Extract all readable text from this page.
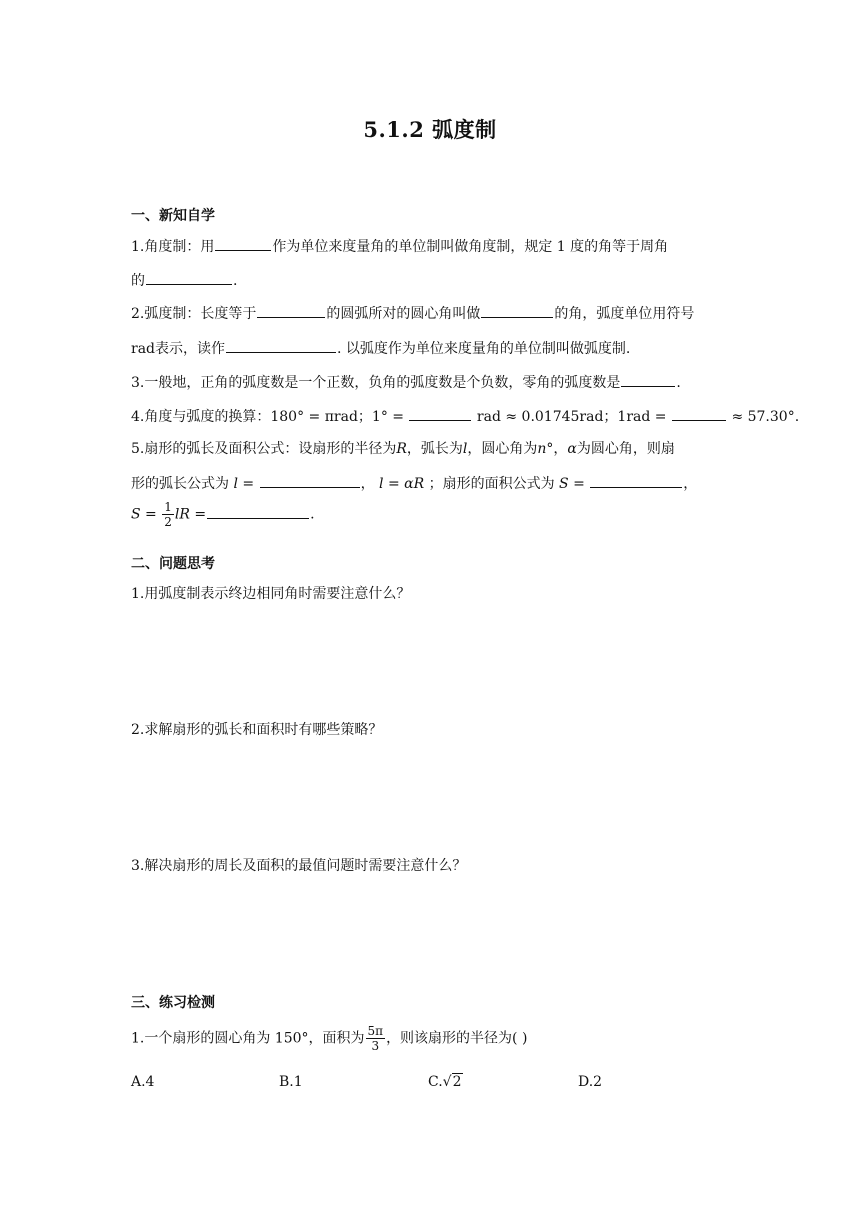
5.1.2 弧度制
一、新知自学
1.角度制：用	作为单位来度量角的单位制叫做角度制，规定 1 度的角等于周角
的	.
2.弧度制：长度等于	的圆弧所对的圆心角叫做	的角，弧度单位用符号
rad表示，读作	. 以弧度作为单位来度量角的单位制叫做弧度制.
3.一般地，正角的弧度数是一个正数，负角的弧度数是个负数，零角的弧度数是	.
4.角度与弧度的换算：180° = πrad；1° =	rad ≈ 0.01745rad；1rad =	≈ 57.30°.
5.扇形的弧长及面积公式：设扇形的半径为R，弧长为l，圆心角为n°，α为圆心角，则扇
形的弧长公式为 l =	， l = αR ；扇形的面积公式为 S =	，
$S = \frac{1}{2}$ lR =	.
二、问题思考
1.用弧度制表示终边相同角时需要注意什么？
2.求解扇形的弧长和面积时有哪些策略？
3.解决扇形的周长及面积的最值问题时需要注意什么？
三、练习检测
1.一个扇形的圆心角为 150°，面积为 $\frac{5\pi}{3}$ ，则该扇形的半径为( )
A.4	B.1	C.√2	D.2
